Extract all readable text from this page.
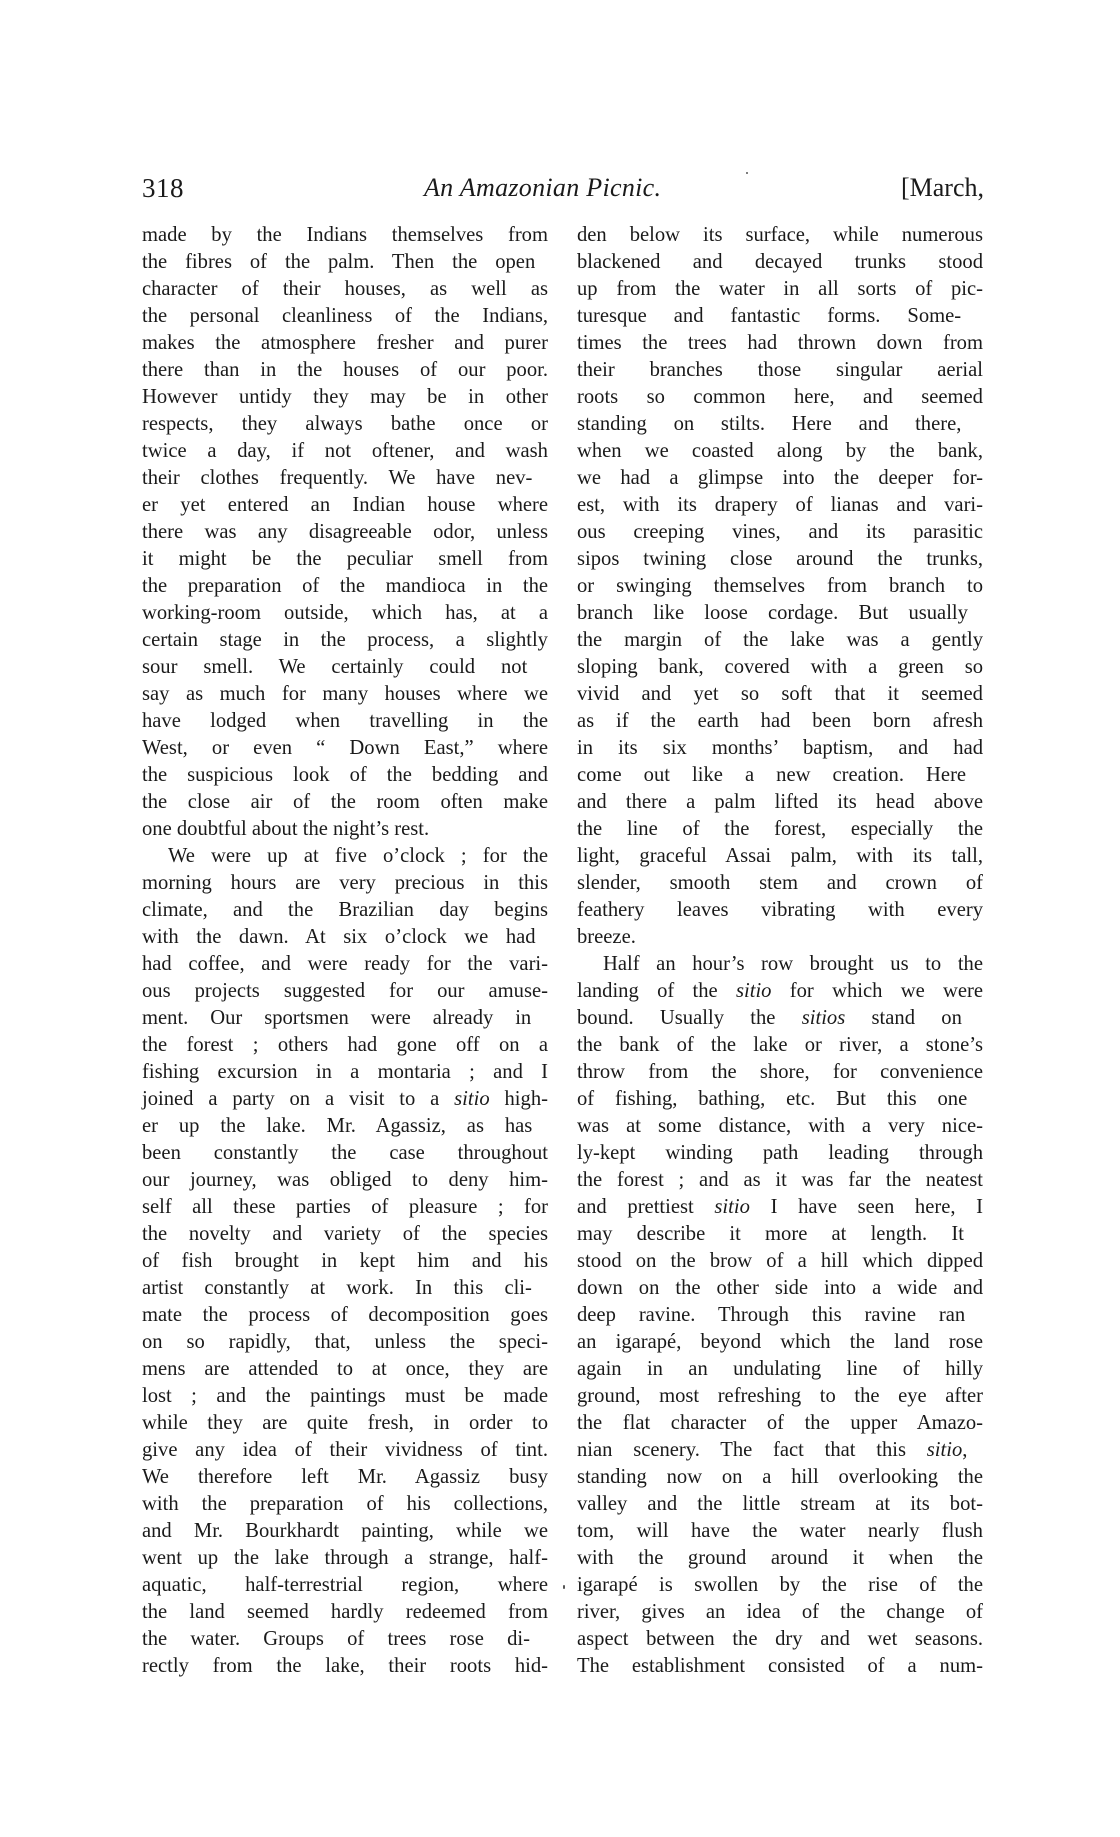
318	An Amazonian Picnic.	[March,
made by the Indians themselves from
the fibres of the palm. Then the open
character of their houses, as well as
the personal cleanliness of the Indians,
makes the atmosphere fresher and purer
there than in the houses of our poor.
However untidy they may be in other
respects, they always bathe once or
twice a day, if not oftener, and wash
their clothes frequently. We have nev-
er yet entered an Indian house where
there was any disagreeable odor, unless
it might be the peculiar smell from
the preparation of the mandioca in the
working-room outside, which has, at a
certain stage in the process, a slightly
sour smell. We certainly could not
say as much for many houses where we
have lodged when travelling in the
West, or even “ Down East,” where
the suspicious look of the bedding and
the close air of the room often make
one doubtful about the night’s rest.
We were up at five o’clock ; for the
morning hours are very precious in this
climate, and the Brazilian day begins
with the dawn. At six o’clock we had
had coffee, and were ready for the vari-
ous projects suggested for our amuse-
ment. Our sportsmen were already in
the forest ; others had gone off on a
fishing excursion in a montaria ; and I
joined a party on a visit to a sitio high-
er up the lake. Mr. Agassiz, as has
been constantly the case throughout
our journey, was obliged to deny him-
self all these parties of pleasure ; for
the novelty and variety of the species
of fish brought in kept him and his
artist constantly at work. In this cli-
mate the process of decomposition goes
on so rapidly, that, unless the speci-
mens are attended to at once, they are
lost ; and the paintings must be made
while they are quite fresh, in order to
give any idea of their vividness of tint.
We therefore left Mr. Agassiz busy
with the preparation of his collections,
and Mr. Bourkhardt painting, while we
went up the lake through a strange, half-
aquatic, half-terrestrial region, where
the land seemed hardly redeemed from
the water. Groups of trees rose di-
rectly from the lake, their roots hid-
den below its surface, while numerous
blackened and decayed trunks stood
up from the water in all sorts of pic-
turesque and fantastic forms. Some-
times the trees had thrown down from
their branches those singular aerial
roots so common here, and seemed
standing on stilts. Here and there,
when we coasted along by the bank,
we had a glimpse into the deeper for-
est, with its drapery of lianas and vari-
ous creeping vines, and its parasitic
sipos twining close around the trunks,
or swinging themselves from branch to
branch like loose cordage. But usually
the margin of the lake was a gently
sloping bank, covered with a green so
vivid and yet so soft that it seemed
as if the earth had been born afresh
in its six months’ baptism, and had
come out like a new creation. Here
and there a palm lifted its head above
the line of the forest, especially the
light, graceful Assai palm, with its tall,
slender, smooth stem and crown of
feathery leaves vibrating with every
breeze.
Half an hour’s row brought us to the
landing of the sitio for which we were
bound. Usually the sitios stand on
the bank of the lake or river, a stone’s
throw from the shore, for convenience
of fishing, bathing, etc. But this one
was at some distance, with a very nice-
ly-kept winding path leading through
the forest ; and as it was far the neatest
and prettiest sitio I have seen here, I
may describe it more at length. It
stood on the brow of a hill which dipped
down on the other side into a wide and
deep ravine. Through this ravine ran
an igarapé, beyond which the land rose
again in an undulating line of hilly
ground, most refreshing to the eye after
the flat character of the upper Amazo-
nian scenery. The fact that this sitio,
standing now on a hill overlooking the
valley and the little stream at its bot-
tom, will have the water nearly flush
with the ground around it when the
igarapé is swollen by the rise of the
river, gives an idea of the change of
aspect between the dry and wet seasons.
The establishment consisted of a num-
